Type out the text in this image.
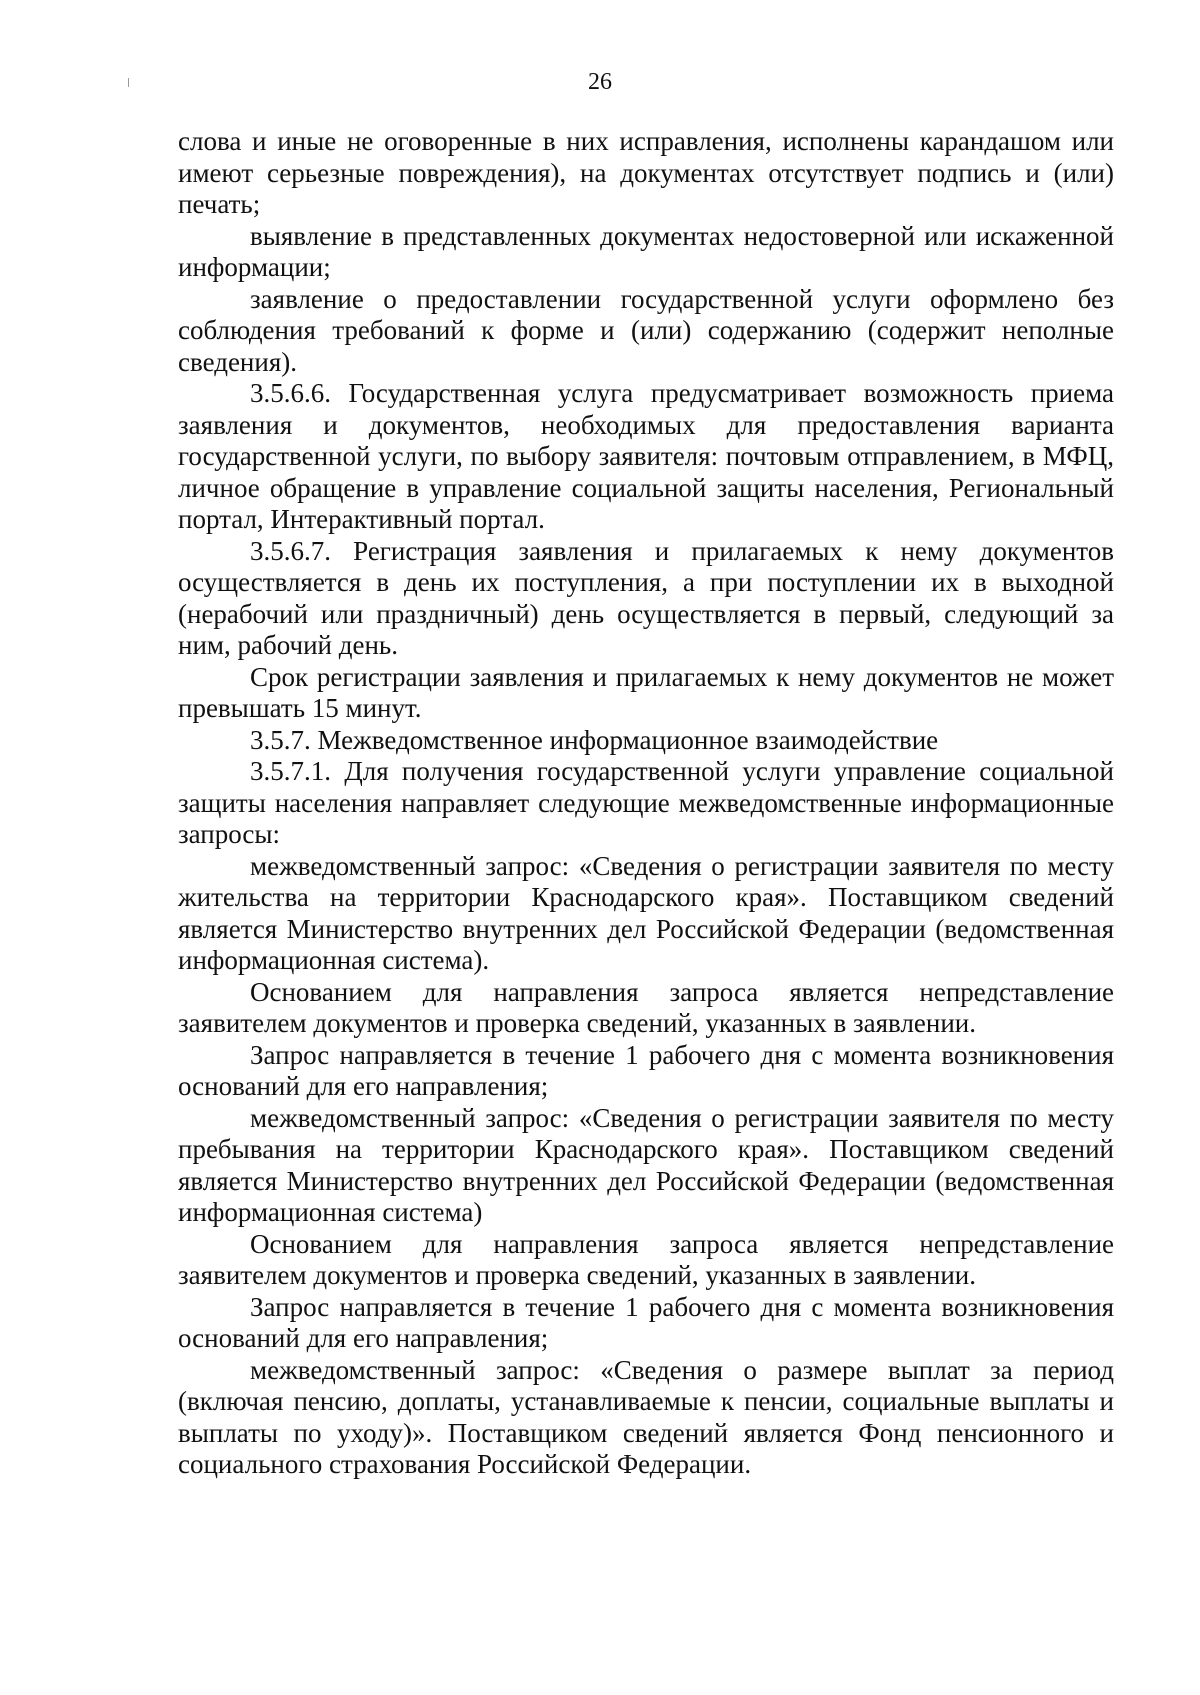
26

слова и иные не оговоренные в них исправления, исполнены карандашом или имеют серьезные повреждения), на документах отсутствует подпись и (или) печать;

выявление в представленных документах недостоверной или искаженной информации;

заявление о предоставлении государственной услуги оформлено без соблюдения требований к форме и (или) содержанию (содержит неполные сведения).

3.5.6.6. Государственная услуга предусматривает возможность приема заявления и документов, необходимых для предоставления варианта государственной услуги, по выбору заявителя: почтовым отправлением, в МФЦ, личное обращение в управление социальной защиты населения, Региональный портал, Интерактивный портал.

3.5.6.7. Регистрация заявления и прилагаемых к нему документов осуществляется в день их поступления, а при поступлении их в выходной (нерабочий или праздничный) день осуществляется в первый, следующий за ним, рабочий день.

Срок регистрации заявления и прилагаемых к нему документов не может превышать 15 минут.

3.5.7. Межведомственное информационное взаимодействие

3.5.7.1. Для получения государственной услуги управление социальной защиты населения направляет следующие межведомственные информационные запросы:

межведомственный запрос: «Сведения о регистрации заявителя по месту жительства на территории Краснодарского края». Поставщиком сведений является Министерство внутренних дел Российской Федерации (ведомственная информационная система).

Основанием для направления запроса является непредставление заявителем документов и проверка сведений, указанных в заявлении.

Запрос направляется в течение 1 рабочего дня с момента возникновения оснований для его направления;

межведомственный запрос: «Сведения о регистрации заявителя по месту пребывания на территории Краснодарского края». Поставщиком сведений является Министерство внутренних дел Российской Федерации (ведомственная информационная система)

Основанием для направления запроса является непредставление заявителем документов и проверка сведений, указанных в заявлении.

Запрос направляется в течение 1 рабочего дня с момента возникновения оснований для его направления;

межведомственный запрос: «Сведения о размере выплат за период (включая пенсию, доплаты, устанавливаемые к пенсии, социальные выплаты и выплаты по уходу)». Поставщиком сведений является Фонд пенсионного и социального страхования Российской Федерации.
